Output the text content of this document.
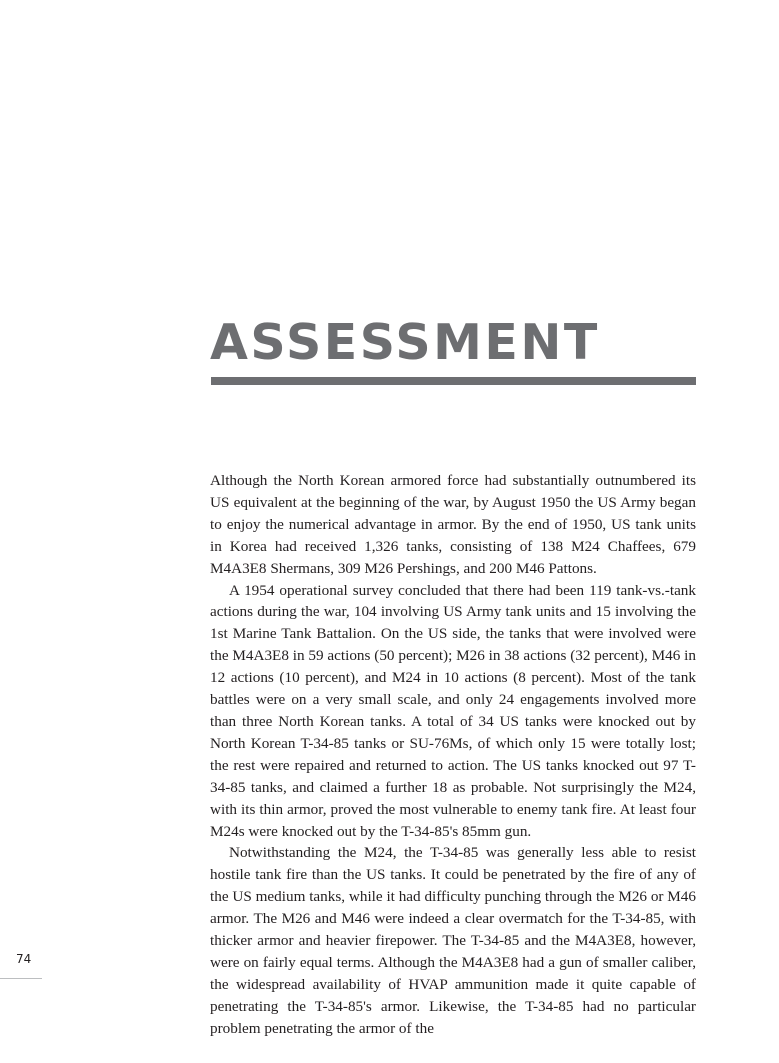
ASSESSMENT

Although the North Korean armored force had substantially outnumbered its US equivalent at the beginning of the war, by August 1950 the US Army began to enjoy the numerical advantage in armor. By the end of 1950, US tank units in Korea had received 1,326 tanks, consisting of 138 M24 Chaffees, 679 M4A3E8 Shermans, 309 M26 Pershings, and 200 M46 Pattons.

A 1954 operational survey concluded that there had been 119 tank-vs.-tank actions during the war, 104 involving US Army tank units and 15 involving the 1st Marine Tank Battalion. On the US side, the tanks that were involved were the M4A3E8 in 59 actions (50 percent); M26 in 38 actions (32 percent), M46 in 12 actions (10 percent), and M24 in 10 actions (8 percent). Most of the tank battles were on a very small scale, and only 24 engagements involved more than three North Korean tanks. A total of 34 US tanks were knocked out by North Korean T-34-85 tanks or SU-76Ms, of which only 15 were totally lost; the rest were repaired and returned to action. The US tanks knocked out 97 T-34-85 tanks, and claimed a further 18 as probable. Not surprisingly the M24, with its thin armor, proved the most vulnerable to enemy tank fire. At least four M24s were knocked out by the T-34-85's 85mm gun.

Notwithstanding the M24, the T-34-85 was generally less able to resist hostile tank fire than the US tanks. It could be penetrated by the fire of any of the US medium tanks, while it had difficulty punching through the M26 or M46 armor. The M26 and M46 were indeed a clear overmatch for the T-34-85, with thicker armor and heavier firepower. The T-34-85 and the M4A3E8, however, were on fairly equal terms. Although the M4A3E8 had a gun of smaller caliber, the widespread availability of HVAP ammunition made it quite capable of penetrating the T-34-85's armor. Likewise, the T-34-85 had no particular problem penetrating the armor of the

74
